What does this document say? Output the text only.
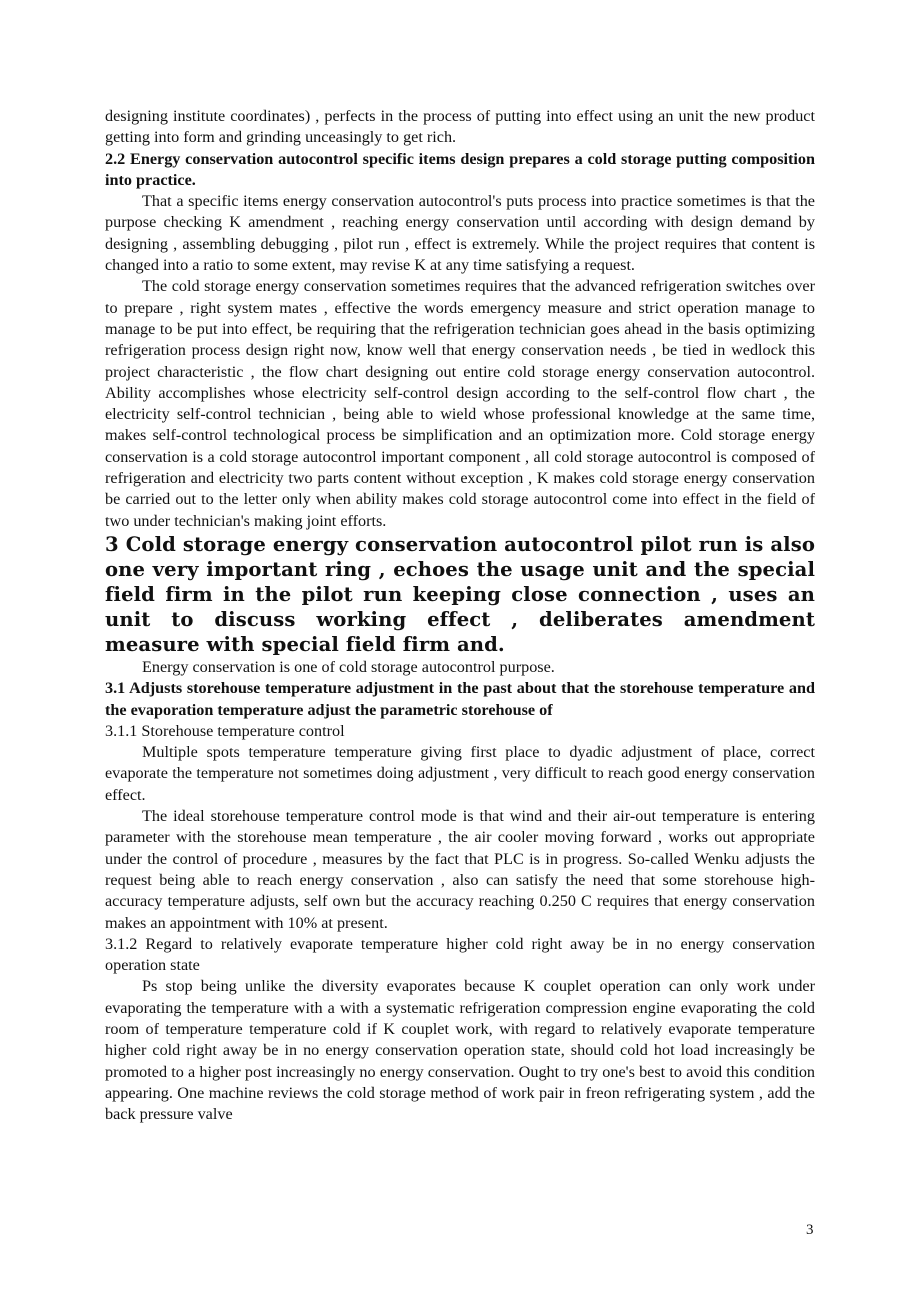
designing institute coordinates) , perfects in the process of putting into effect using an unit the new product getting into form and grinding unceasingly to get rich.

2.2 Energy conservation autocontrol specific items design prepares a cold storage putting composition into practice.

That a specific items energy conservation autocontrol's puts process into practice sometimes is that the purpose checking K amendment , reaching energy conservation until according with design demand by designing , assembling debugging , pilot run , effect is extremely. While the project requires that content is changed into a ratio to some extent, may revise K at any time satisfying a request.

The cold storage energy conservation sometimes requires that the advanced refrigeration switches over to prepare , right system mates , effective the words emergency measure and strict operation manage to manage to be put into effect, be requiring that the refrigeration technician goes ahead in the basis optimizing refrigeration process design right now, know well that energy conservation needs , be tied in wedlock this project characteristic , the flow chart designing out entire cold storage energy conservation autocontrol. Ability accomplishes whose electricity self-control design according to the self-control flow chart , the electricity self-control technician , being able to wield whose professional knowledge at the same time, makes self-control technological process be simplification and an optimization more. Cold storage energy conservation is a cold storage autocontrol important component , all cold storage autocontrol is composed of refrigeration and electricity two parts content without exception , K makes cold storage energy conservation be carried out to the letter only when ability makes cold storage autocontrol come into effect in the field of two under technician's making joint efforts.

3 Cold storage energy conservation autocontrol pilot run is also one very important ring , echoes the usage unit and the special field firm in the pilot run keeping close connection , uses an unit to discuss working effect , deliberates amendment measure with special field firm and.

Energy conservation is one of cold storage autocontrol purpose.

3.1 Adjusts storehouse temperature adjustment in the past about that the storehouse temperature and the evaporation temperature adjust the parametric storehouse of

3.1.1 Storehouse temperature control

Multiple spots temperature temperature giving first place to dyadic adjustment of place, correct evaporate the temperature not sometimes doing adjustment , very difficult to reach good energy conservation effect.

The ideal storehouse temperature control mode is that wind and their air-out temperature is entering parameter with the storehouse mean temperature , the air cooler moving forward , works out appropriate under the control of procedure , measures by the fact that PLC is in progress. So-called Wenku adjusts the request being able to reach energy conservation , also can satisfy the need that some storehouse high-accuracy temperature adjusts, self own but the accuracy reaching 0.250 C requires that energy conservation makes an appointment with 10% at present.

3.1.2 Regard to relatively evaporate temperature higher cold right away be in no energy conservation operation state

Ps stop being unlike the diversity evaporates because K couplet operation can only work under evaporating the temperature with a with a systematic refrigeration compression engine evaporating the cold room of temperature temperature cold if K couplet work, with regard to relatively evaporate temperature higher cold right away be in no energy conservation operation state, should cold hot load increasingly be promoted to a higher post increasingly no energy conservation. Ought to try one's best to avoid this condition appearing. One machine reviews the cold storage method of work pair in freon refrigerating system , add the back pressure valve

3
